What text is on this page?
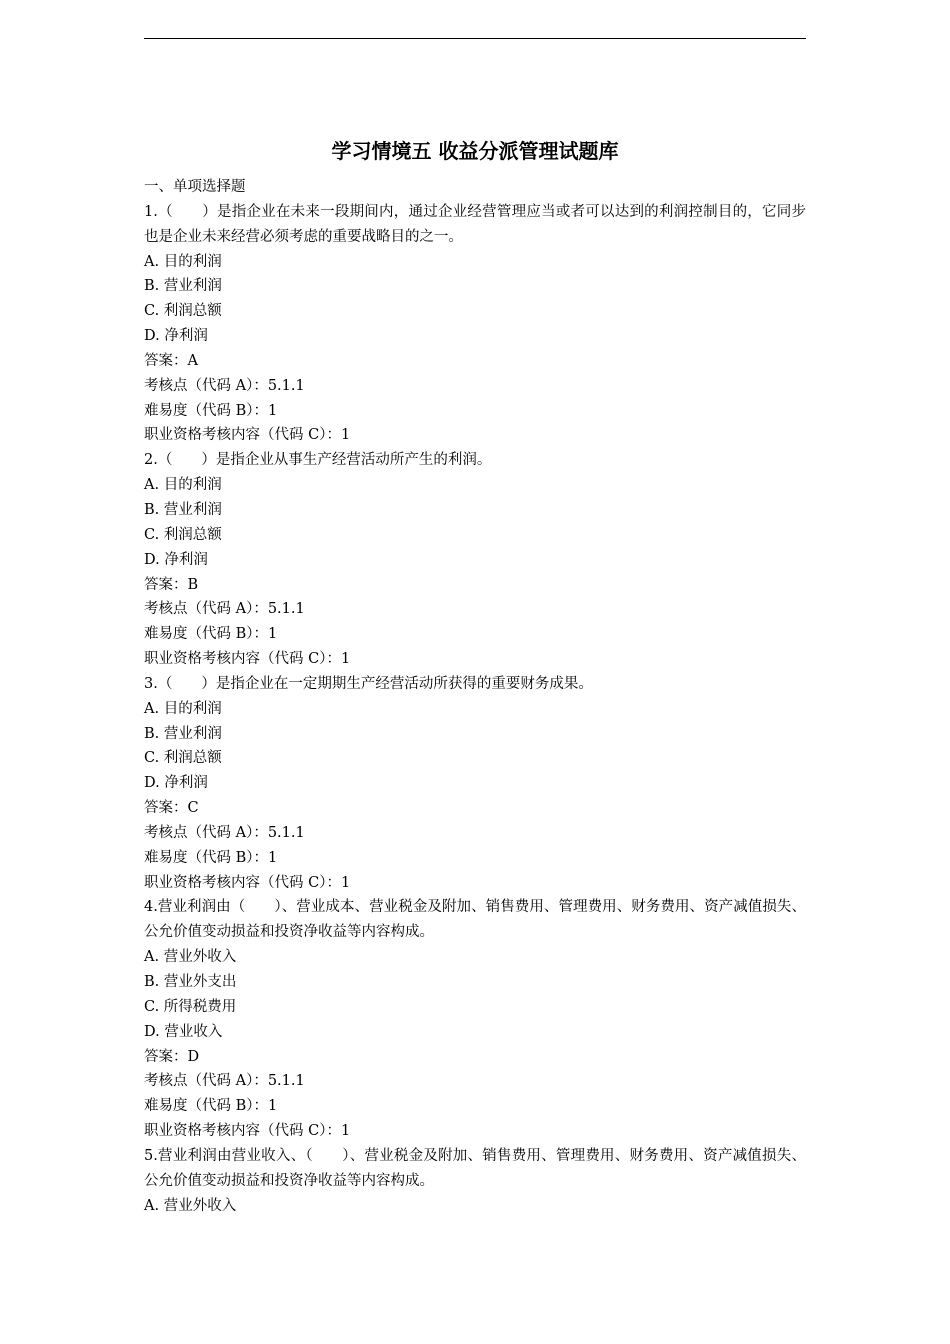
学习情境五 收益分派管理试题库
一、单项选择题
1.（　　）是指企业在未来一段期间内，通过企业经营管理应当或者可以达到的利润控制目的，它同步也是企业未来经营必须考虑的重要战略目的之一。
A. 目的利润
B. 营业利润
C. 利润总额
D. 净利润
答案：A
考核点（代码 A）：5.1.1
难易度（代码 B）：1
职业资格考核内容（代码 C）：1
2.（　　）是指企业从事生产经营活动所产生的利润。
A. 目的利润
B. 营业利润
C. 利润总额
D. 净利润
答案：B
考核点（代码 A）：5.1.1
难易度（代码 B）：1
职业资格考核内容（代码 C）：1
3.（　　）是指企业在一定期期生产经营活动所获得的重要财务成果。
A. 目的利润
B. 营业利润
C. 利润总额
D. 净利润
答案：C
考核点（代码 A）：5.1.1
难易度（代码 B）：1
职业资格考核内容（代码 C）：1
4.营业利润由（　　）、营业成本、营业税金及附加、销售费用、管理费用、财务费用、资产减值损失、公允价值变动损益和投资净收益等内容构成。
A. 营业外收入
B. 营业外支出
C. 所得税费用
D. 营业收入
答案：D
考核点（代码 A）：5.1.1
难易度（代码 B）：1
职业资格考核内容（代码 C）：1
5.营业利润由营业收入、（　　）、营业税金及附加、销售费用、管理费用、财务费用、资产减值损失、公允价值变动损益和投资净收益等内容构成。
A. 营业外收入
